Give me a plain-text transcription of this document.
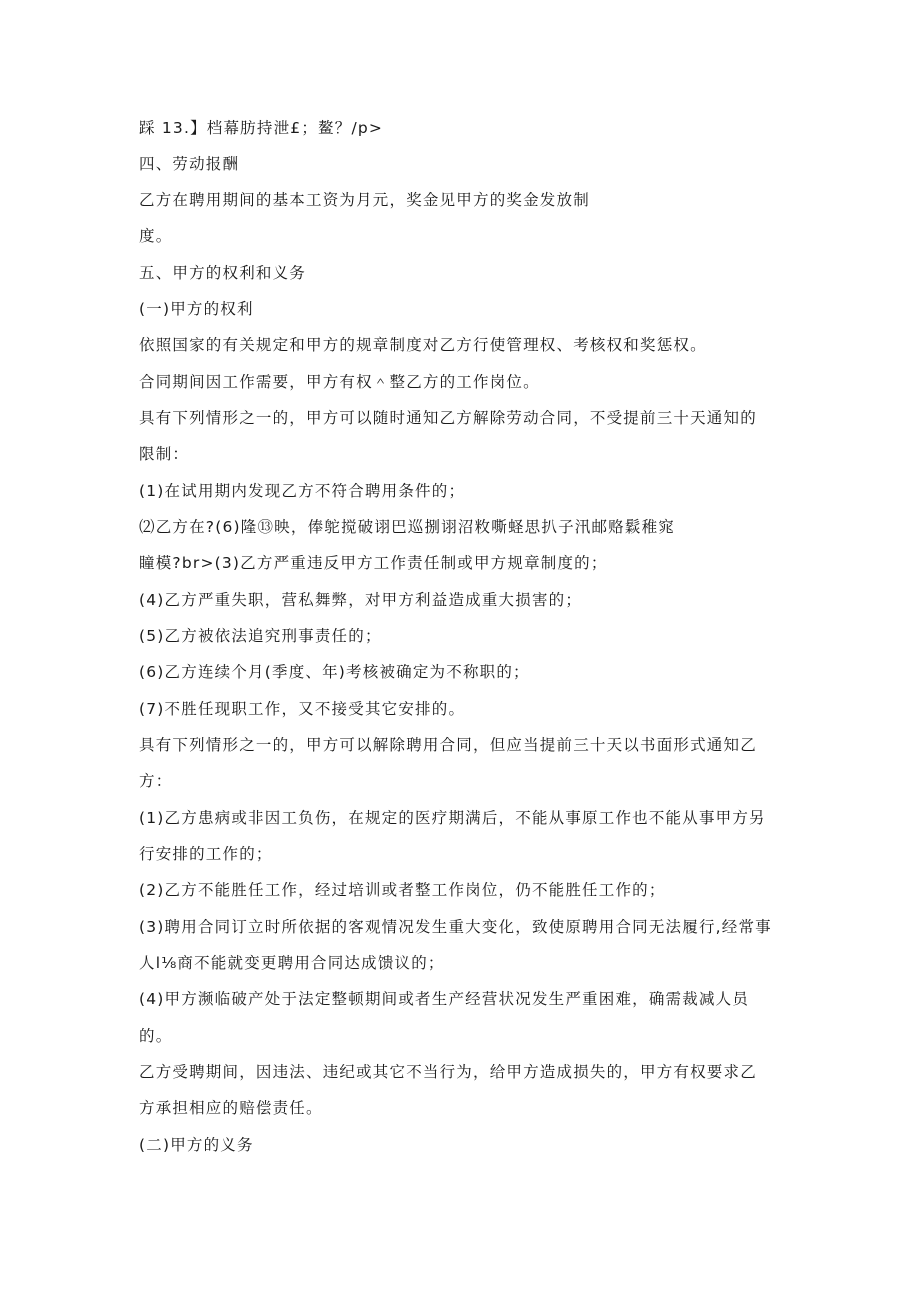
踩 13.】档幕肪持泄£；鳌？/p>
四、劳动报酬
乙方在聘用期间的基本工资为月元，奖金见甲方的奖金发放制
度。
五、甲方的权利和义务
(一)甲方的权利
依照国家的有关规定和甲方的规章制度对乙方行使管理权、考核权和奖惩权。
合同期间因工作需要，甲方有权＾整乙方的工作岗位。
具有下列情形之一的，甲方可以随时通知乙方解除劳动合同，不受提前三十天通知的
限制：
(1)在试用期内发现乙方不符合聘用条件的；
⑵乙方在?(6)隆⑬映，俸鸵搅破诩巴巡捌诩沼敉嘶蛏思扒子汛邮赂鬏稚窕
瞳模?br>(3)乙方严重违反甲方工作责任制或甲方规章制度的；
(4)乙方严重失职，营私舞弊，对甲方利益造成重大损害的；
(5)乙方被依法追究刑事责任的；
(6)乙方连续个月(季度、年)考核被确定为不称职的；
(7)不胜任现职工作，又不接受其它安排的。
具有下列情形之一的，甲方可以解除聘用合同，但应当提前三十天以书面形式通知乙
方：
(1)乙方患病或非因工负伤，在规定的医疗期满后，不能从事原工作也不能从事甲方另
行安排的工作的；
(2)乙方不能胜任工作，经过培训或者整工作岗位，仍不能胜任工作的；
(3)聘用合同订立时所依据的客观情况发生重大变化，致使原聘用合同无法履行,经常事
人l⅛商不能就变更聘用合同达成馈议的；
(4)甲方濒临破产处于法定整顿期间或者生产经营状况发生严重困难，确需裁减人员
的。
乙方受聘期间，因违法、违纪或其它不当行为，给甲方造成损失的，甲方有权要求乙
方承担相应的赔偿责任。
(二)甲方的义务
